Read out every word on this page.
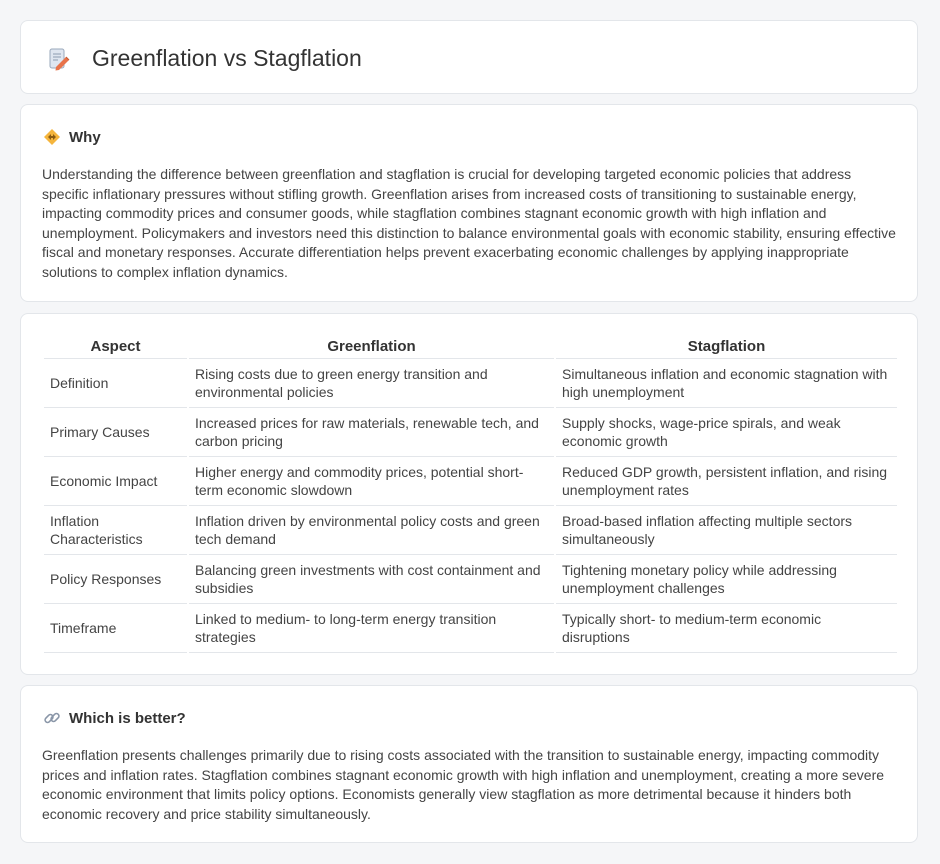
Greenflation vs Stagflation
Why

Understanding the difference between greenflation and stagflation is crucial for developing targeted economic policies that address specific inflationary pressures without stifling growth. Greenflation arises from increased costs of transitioning to sustainable energy, impacting commodity prices and consumer goods, while stagflation combines stagnant economic growth with high inflation and unemployment. Policymakers and investors need this distinction to balance environmental goals with economic stability, ensuring effective fiscal and monetary responses. Accurate differentiation helps prevent exacerbating economic challenges by applying inappropriate solutions to complex inflation dynamics.

Aspect	Greenflation	Stagflation
Definition	Rising costs due to green energy transition and environmental policies	Simultaneous inflation and economic stagnation with high unemployment
Primary Causes	Increased prices for raw materials, renewable tech, and carbon pricing	Supply shocks, wage-price spirals, and weak economic growth
Economic Impact	Higher energy and commodity prices, potential short-term economic slowdown	Reduced GDP growth, persistent inflation, and rising unemployment rates
Inflation Characteristics	Inflation driven by environmental policy costs and green tech demand	Broad-based inflation affecting multiple sectors simultaneously
Policy Responses	Balancing green investments with cost containment and subsidies	Tightening monetary policy while addressing unemployment challenges
Timeframe	Linked to medium- to long-term energy transition strategies	Typically short- to medium-term economic disruptions
Which is better?

Greenflation presents challenges primarily due to rising costs associated with the transition to sustainable energy, impacting commodity prices and inflation rates. Stagflation combines stagnant economic growth with high inflation and unemployment, creating a more severe economic environment that limits policy options. Economists generally view stagflation as more detrimental because it hinders both economic recovery and price stability simultaneously.
